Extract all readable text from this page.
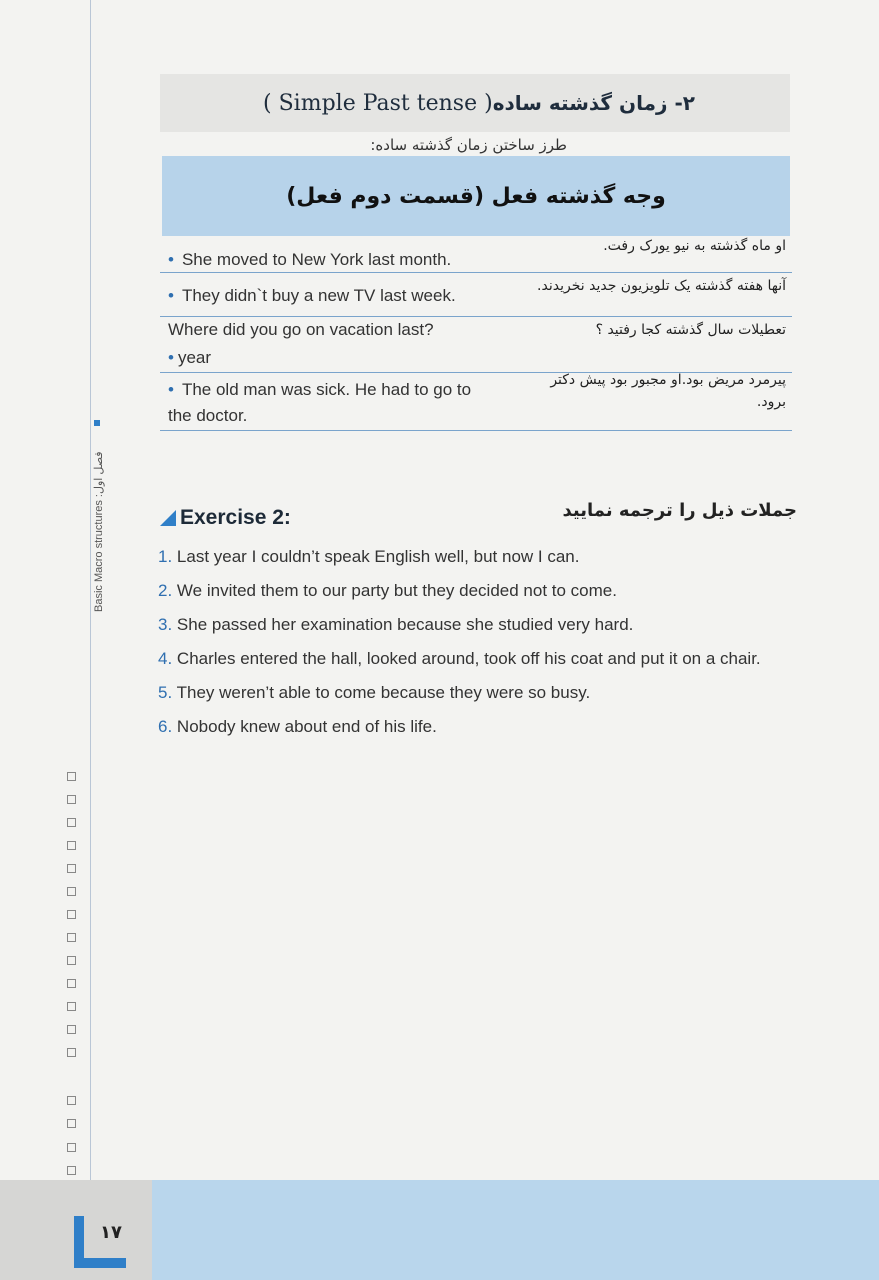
Basic Macro structures :فصل اول
( Simple Past tense ) ۲- زمان گذشته ساده
طرز ساختن زمان گذشته ساده:
وجه گذشته فعل (قسمت دوم فعل)
او ماه گذشته به نیو یورک رفت.
• She moved to New York last month.
آنها هفته گذشته یک تلویزیون جدید نخریدند.
• They didn`t buy a new TV last week.
تعطیلات سال گذشته کجا رفتید ؟
Where did you go on vacation last?
• year
پیرمرد مریض بود.او مجبور بود پیش دکتر
برود.
• The old man was sick. He had to go to
the doctor.
Exercise 2:	جملات ذیل را ترجمه نمایید
1. Last year I couldn’t speak English well, but now I can.
2. We invited them to our party but they decided not to come.
3. She passed her examination because she studied very hard.
4. Charles entered the hall, looked around, took off his coat and put it on a chair.
5. They weren’t able to come because they were so busy.
6. Nobody knew about end of his life.
۱۷
